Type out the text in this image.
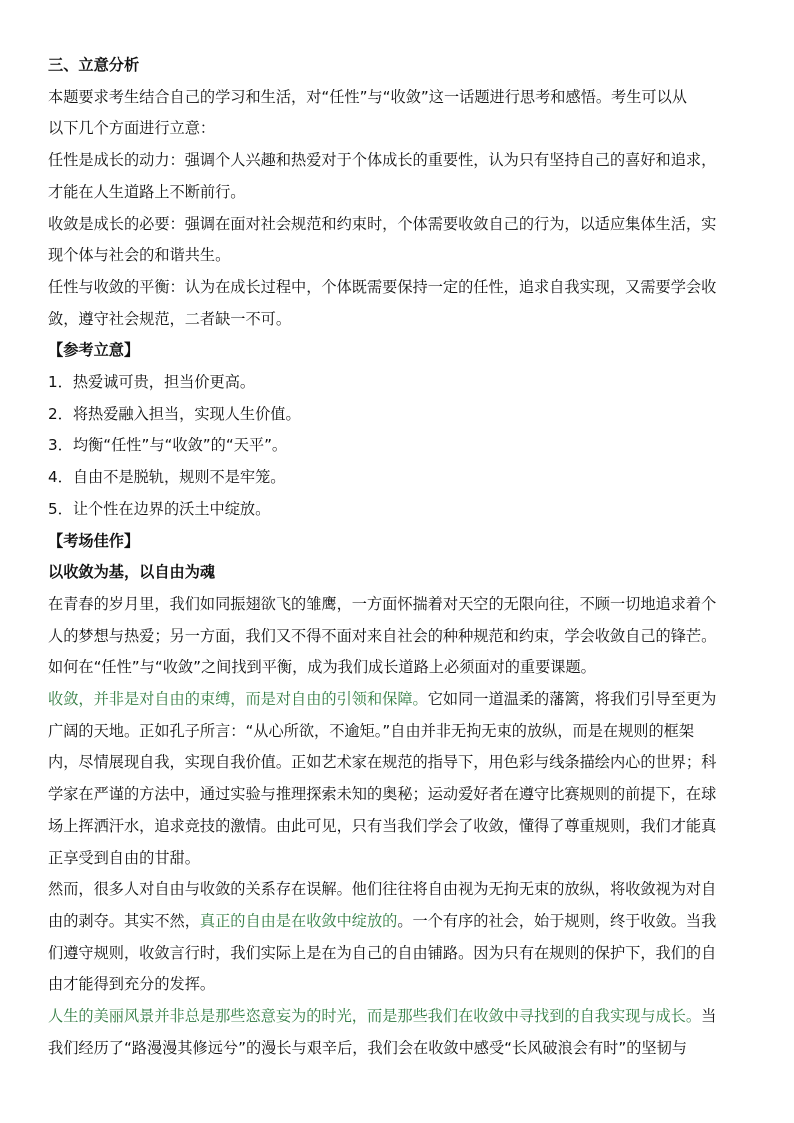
三、立意分析

本题要求考生结合自己的学习和生活，对“任性”与“收敛”这一话题进行思考和感悟。考生可以从

以下几个方面进行立意：

任性是成长的动力：强调个人兴趣和热爱对于个体成长的重要性，认为只有坚持自己的喜好和追求，

才能在人生道路上不断前行。

收敛是成长的必要：强调在面对社会规范和约束时，个体需要收敛自己的行为，以适应集体生活，实

现个体与社会的和谐共生。

任性与收敛的平衡：认为在成长过程中，个体既需要保持一定的任性，追求自我实现，又需要学会收

敛，遵守社会规范，二者缺一不可。

【参考立意】

1．热爱诚可贵，担当价更高。

2．将热爱融入担当，实现人生价值。

3．均衡“任性”与“收敛”的“天平”。

4．自由不是脱轨，规则不是牢笼。

5．让个性在边界的沃土中绽放。

【考场佳作】

以收敛为基，以自由为魂

在青春的岁月里，我们如同振翅欲飞的雏鹰，一方面怀揣着对天空的无限向往，不顾一切地追求着个

人的梦想与热爱；另一方面，我们又不得不面对来自社会的种种规范和约束，学会收敛自己的锋芒。

如何在“任性”与“收敛”之间找到平衡，成为我们成长道路上必须面对的重要课题。

收敛，并非是对自由的束缚，而是对自由的引领和保障。它如同一道温柔的藩篱，将我们引导至更为

广阔的天地。正如孔子所言：“从心所欲，不逾矩。”自由并非无拘无束的放纵，而是在规则的框架

内，尽情展现自我，实现自我价值。正如艺术家在规范的指导下，用色彩与线条描绘内心的世界；科

学家在严谨的方法中，通过实验与推理探索未知的奥秘；运动爱好者在遵守比赛规则的前提下，在球

场上挥洒汗水，追求竞技的激情。由此可见，只有当我们学会了收敛，懂得了尊重规则，我们才能真

正享受到自由的甘甜。

然而，很多人对自由与收敛的关系存在误解。他们往往将自由视为无拘无束的放纵，将收敛视为对自

由的剥夺。其实不然，真正的自由是在收敛中绽放的。一个有序的社会，始于规则，终于收敛。当我

们遵守规则，收敛言行时，我们实际上是在为自己的自由铺路。因为只有在规则的保护下，我们的自

由才能得到充分的发挥。

人生的美丽风景并非总是那些恣意妄为的时光，而是那些我们在收敛中寻找到的自我实现与成长。当

我们经历了“路漫漫其修远兮”的漫长与艰辛后，我们会在收敛中感受“长风破浪会有时”的坚韧与
